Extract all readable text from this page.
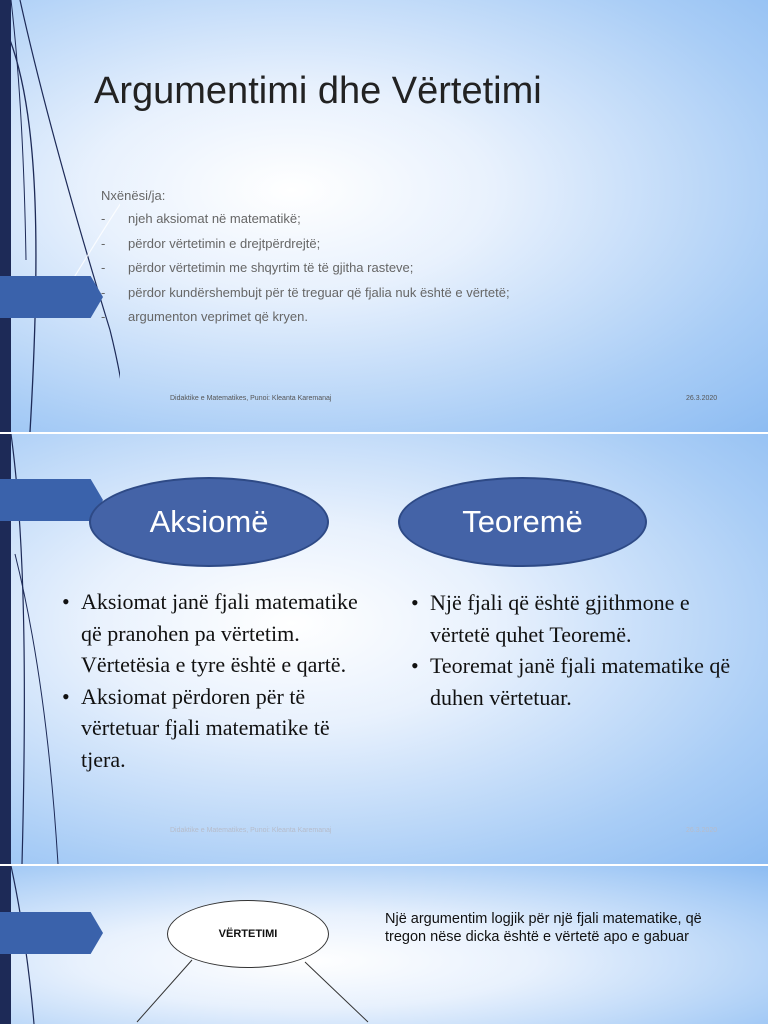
Argumentimi dhe Vërtetimi
Nxënësi/ja:
- njeh aksiomat në matematikë;
- përdor vërtetimin e drejtpërdrejtë;
- përdor vërtetimin me shqyrtim të të gjitha rasteve;
- përdor kundërshembujt për të treguar që fjalia nuk është e vërtetë;
- argumenton veprimet që kryen.
Didaktike e Matematikes, Punoi: Kleanta Karemanaj	26.3.2020
Aksiomë	Teoremë
Didaktike e Matematikes, Punoi: Kleanta Karemanaj	26.3.2020
• Aksiomat janë fjali matematike që pranohen pa vërtetim. Vërtetësia e tyre është e qartë.
• Aksiomat përdoren për të vërtetuar fjali matematike të tjera.
• Një fjali që është gjithmone e vërtetë quhet Teoremë.
• Teoremat janë fjali matematike që duhen vërtetuar.
VËRTETIMI
Një argumentim logjik për një fjali matematike, që tregon nëse dicka është e vërtetë apo e gabuar
